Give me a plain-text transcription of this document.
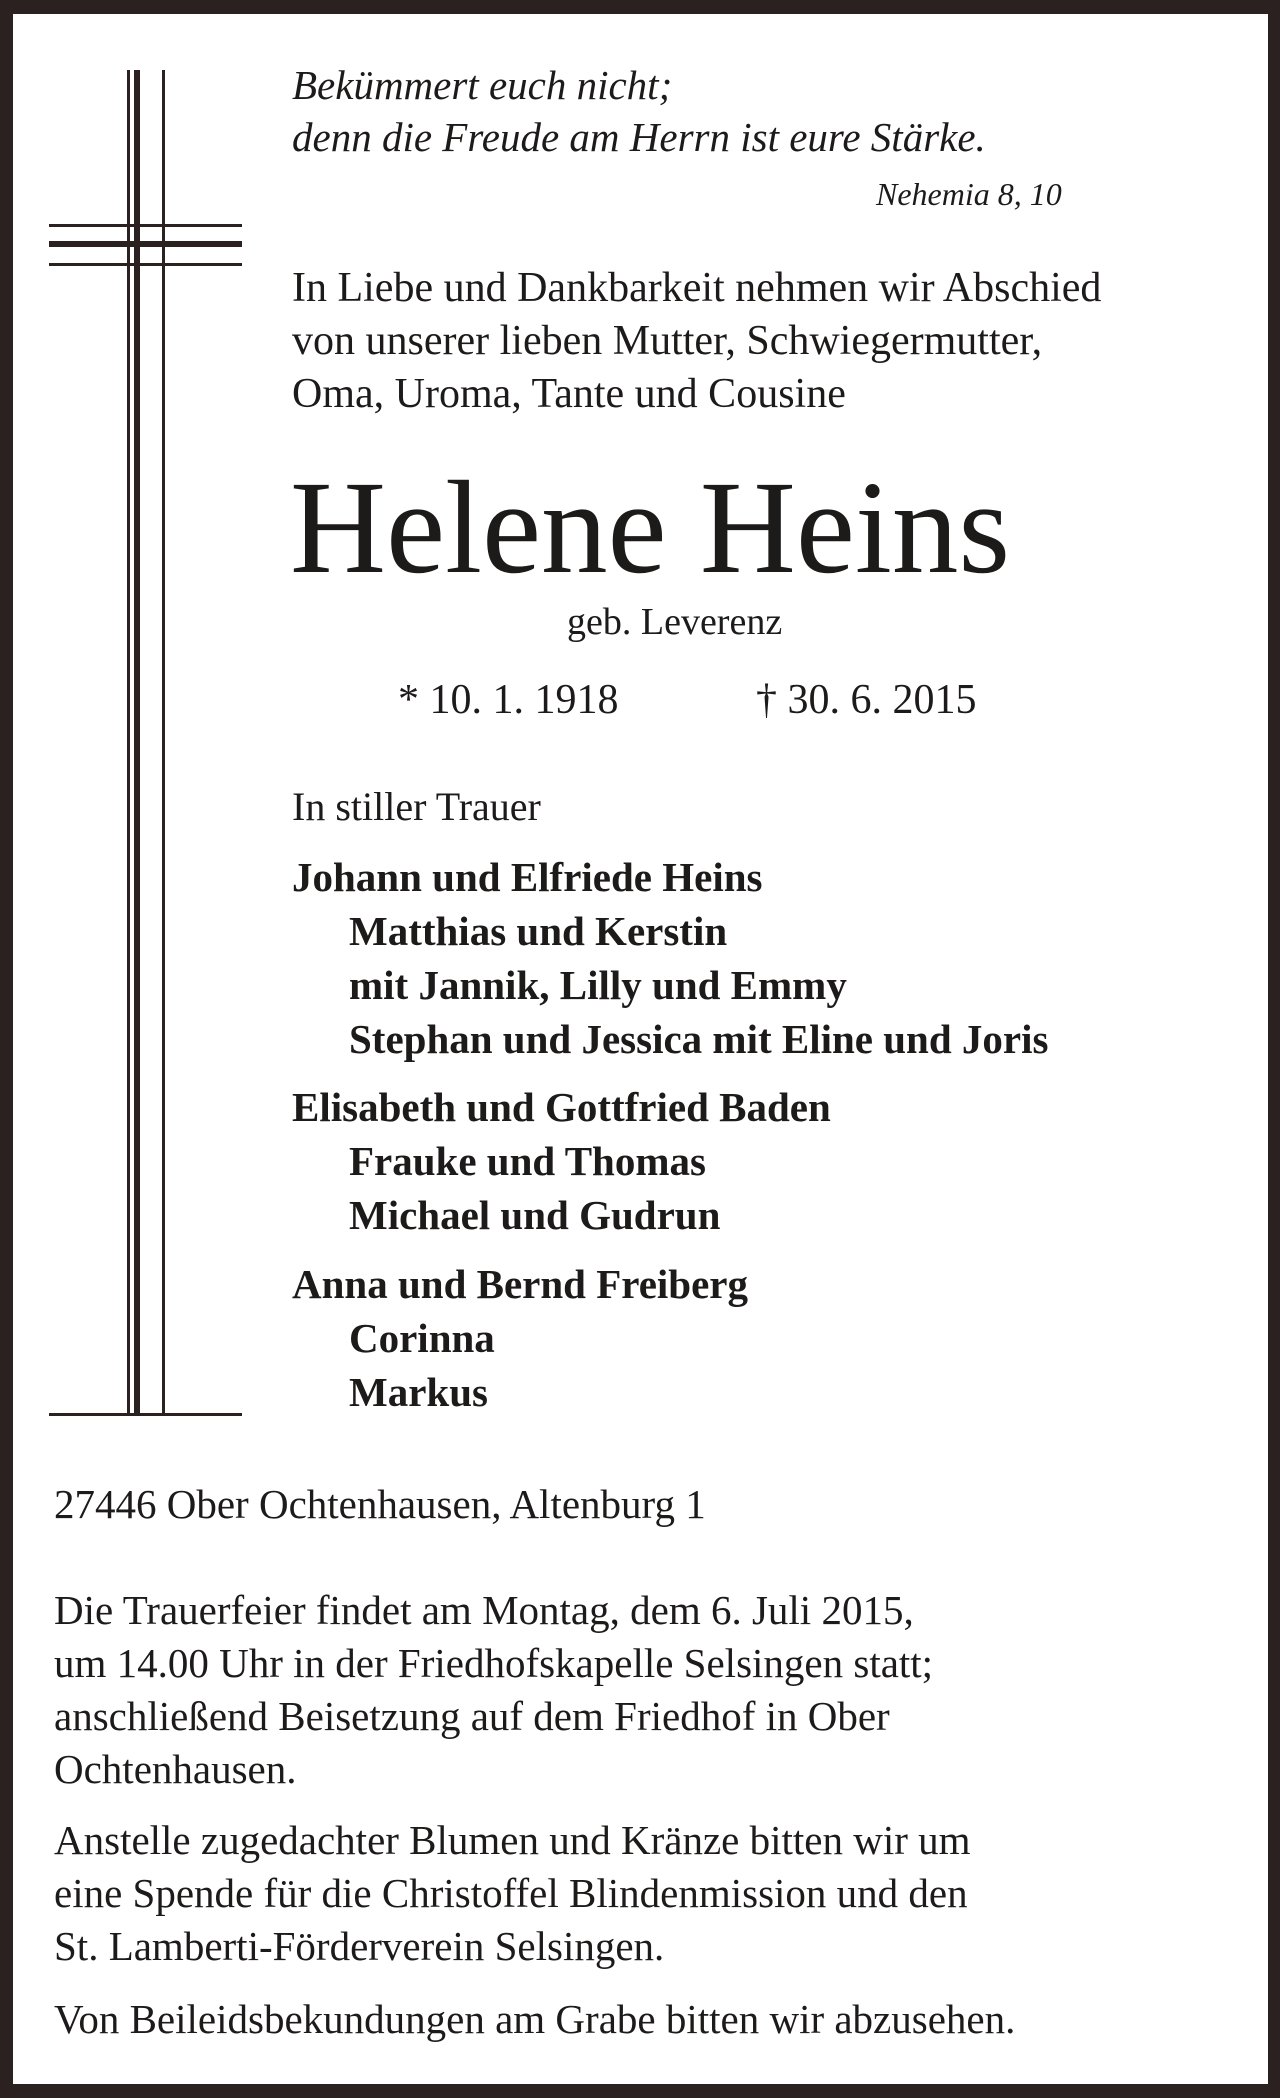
Bekümmert euch nicht;
denn die Freude am Herrn ist eure Stärke.
Nehemia 8, 10
In Liebe und Dankbarkeit nehmen wir Abschied
von unserer lieben Mutter, Schwiegermutter,
Oma, Uroma, Tante und Cousine
Helene Heins
geb. Leverenz
* 10. 1. 1918	† 30. 6. 2015
In stiller Trauer
Johann und Elfriede Heins
Matthias und Kerstin
mit Jannik, Lilly und Emmy
Stephan und Jessica mit Eline und Joris
Elisabeth und Gottfried Baden
Frauke und Thomas
Michael und Gudrun
Anna und Bernd Freiberg
Corinna
Markus
27446 Ober Ochtenhausen, Altenburg 1
Die Trauerfeier findet am Montag, dem 6. Juli 2015,
um 14.00 Uhr in der Friedhofskapelle Selsingen statt;
anschließend Beisetzung auf dem Friedhof in Ober
Ochtenhausen.
Anstelle zugedachter Blumen und Kränze bitten wir um
eine Spende für die Christoffel Blindenmission und den
St. Lamberti-Förderverein Selsingen.
Von Beileidsbekundungen am Grabe bitten wir abzusehen.
